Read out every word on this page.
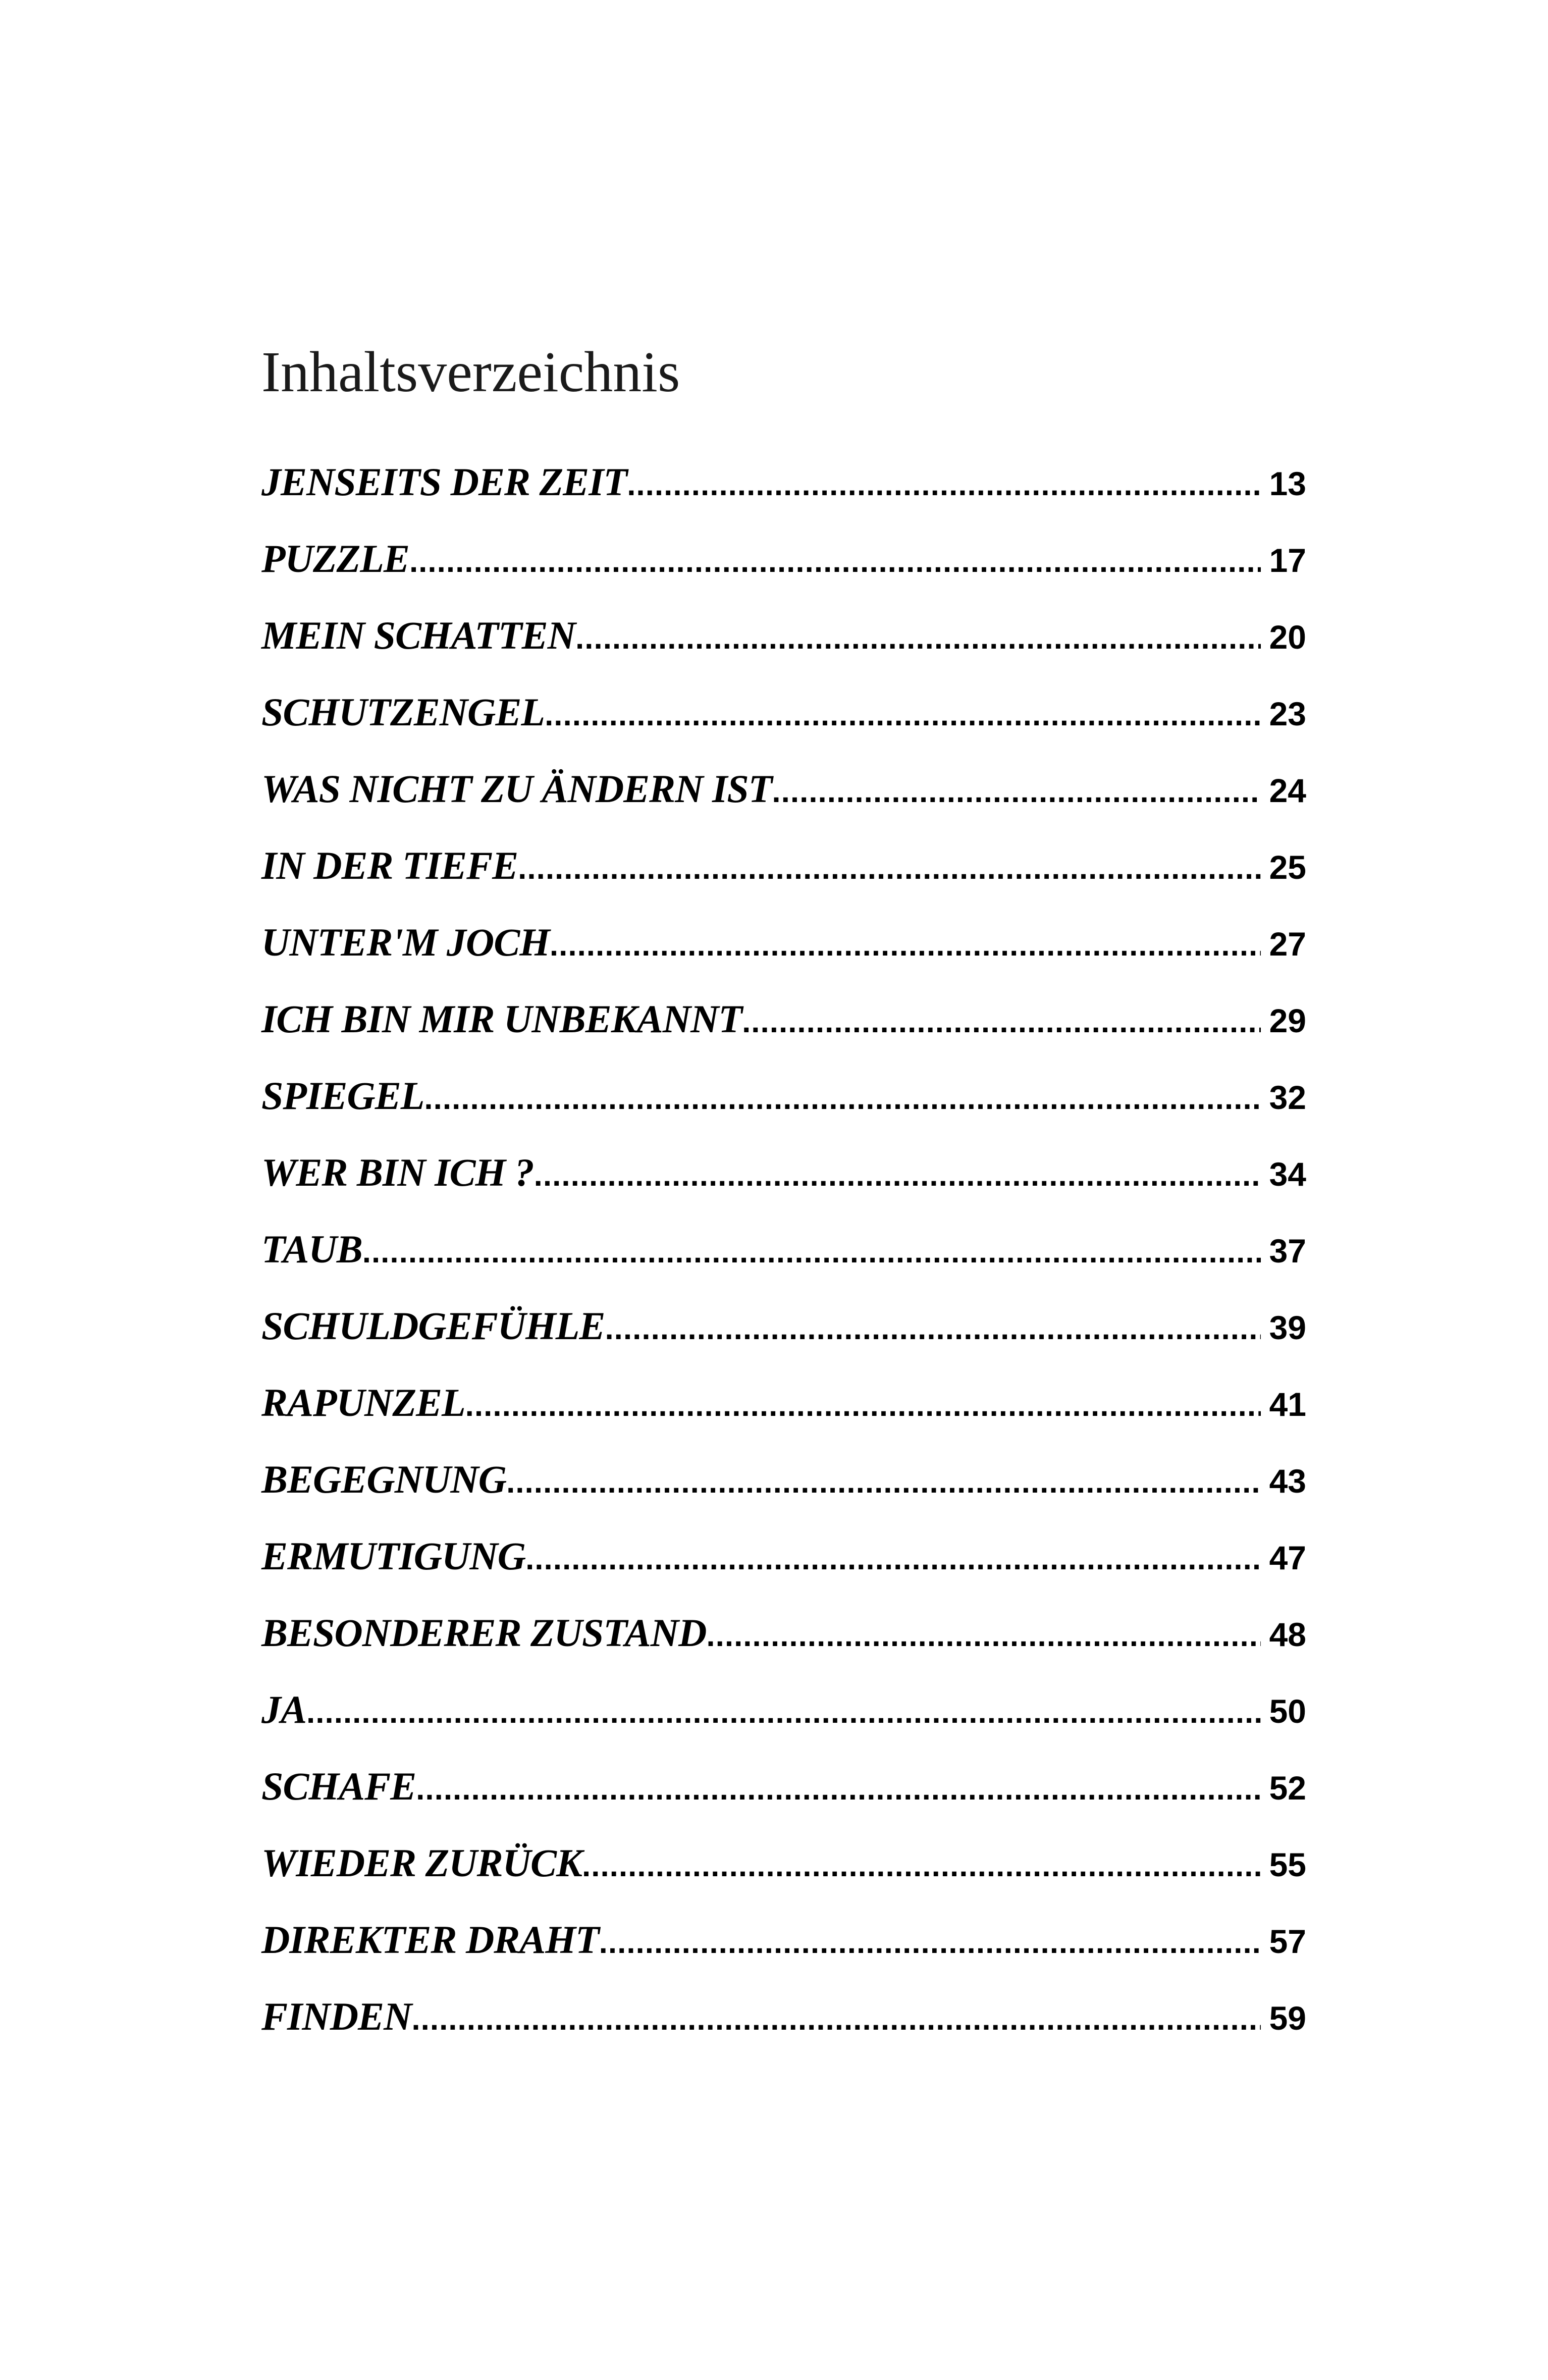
Inhaltsverzeichnis
JENSEITS DER ZEIT .....	13
PUZZLE .....	17
MEIN SCHATTEN .....	20
SCHUTZENGEL .....	23
WAS NICHT ZU ÄNDERN IST .....	24
IN DER TIEFE .....	25
UNTER'M JOCH .....	27
ICH BIN MIR UNBEKANNT .....	29
SPIEGEL .....	32
WER BIN ICH ? .....	34
TAUB .....	37
SCHULDGEFÜHLE .....	39
RAPUNZEL .....	41
BEGEGNUNG .....	43
ERMUTIGUNG .....	47
BESONDERER ZUSTAND .....	48
JA .....	50
SCHAFE .....	52
WIEDER ZURÜCK .....	55
DIREKTER DRAHT .....	57
FINDEN .....	59
